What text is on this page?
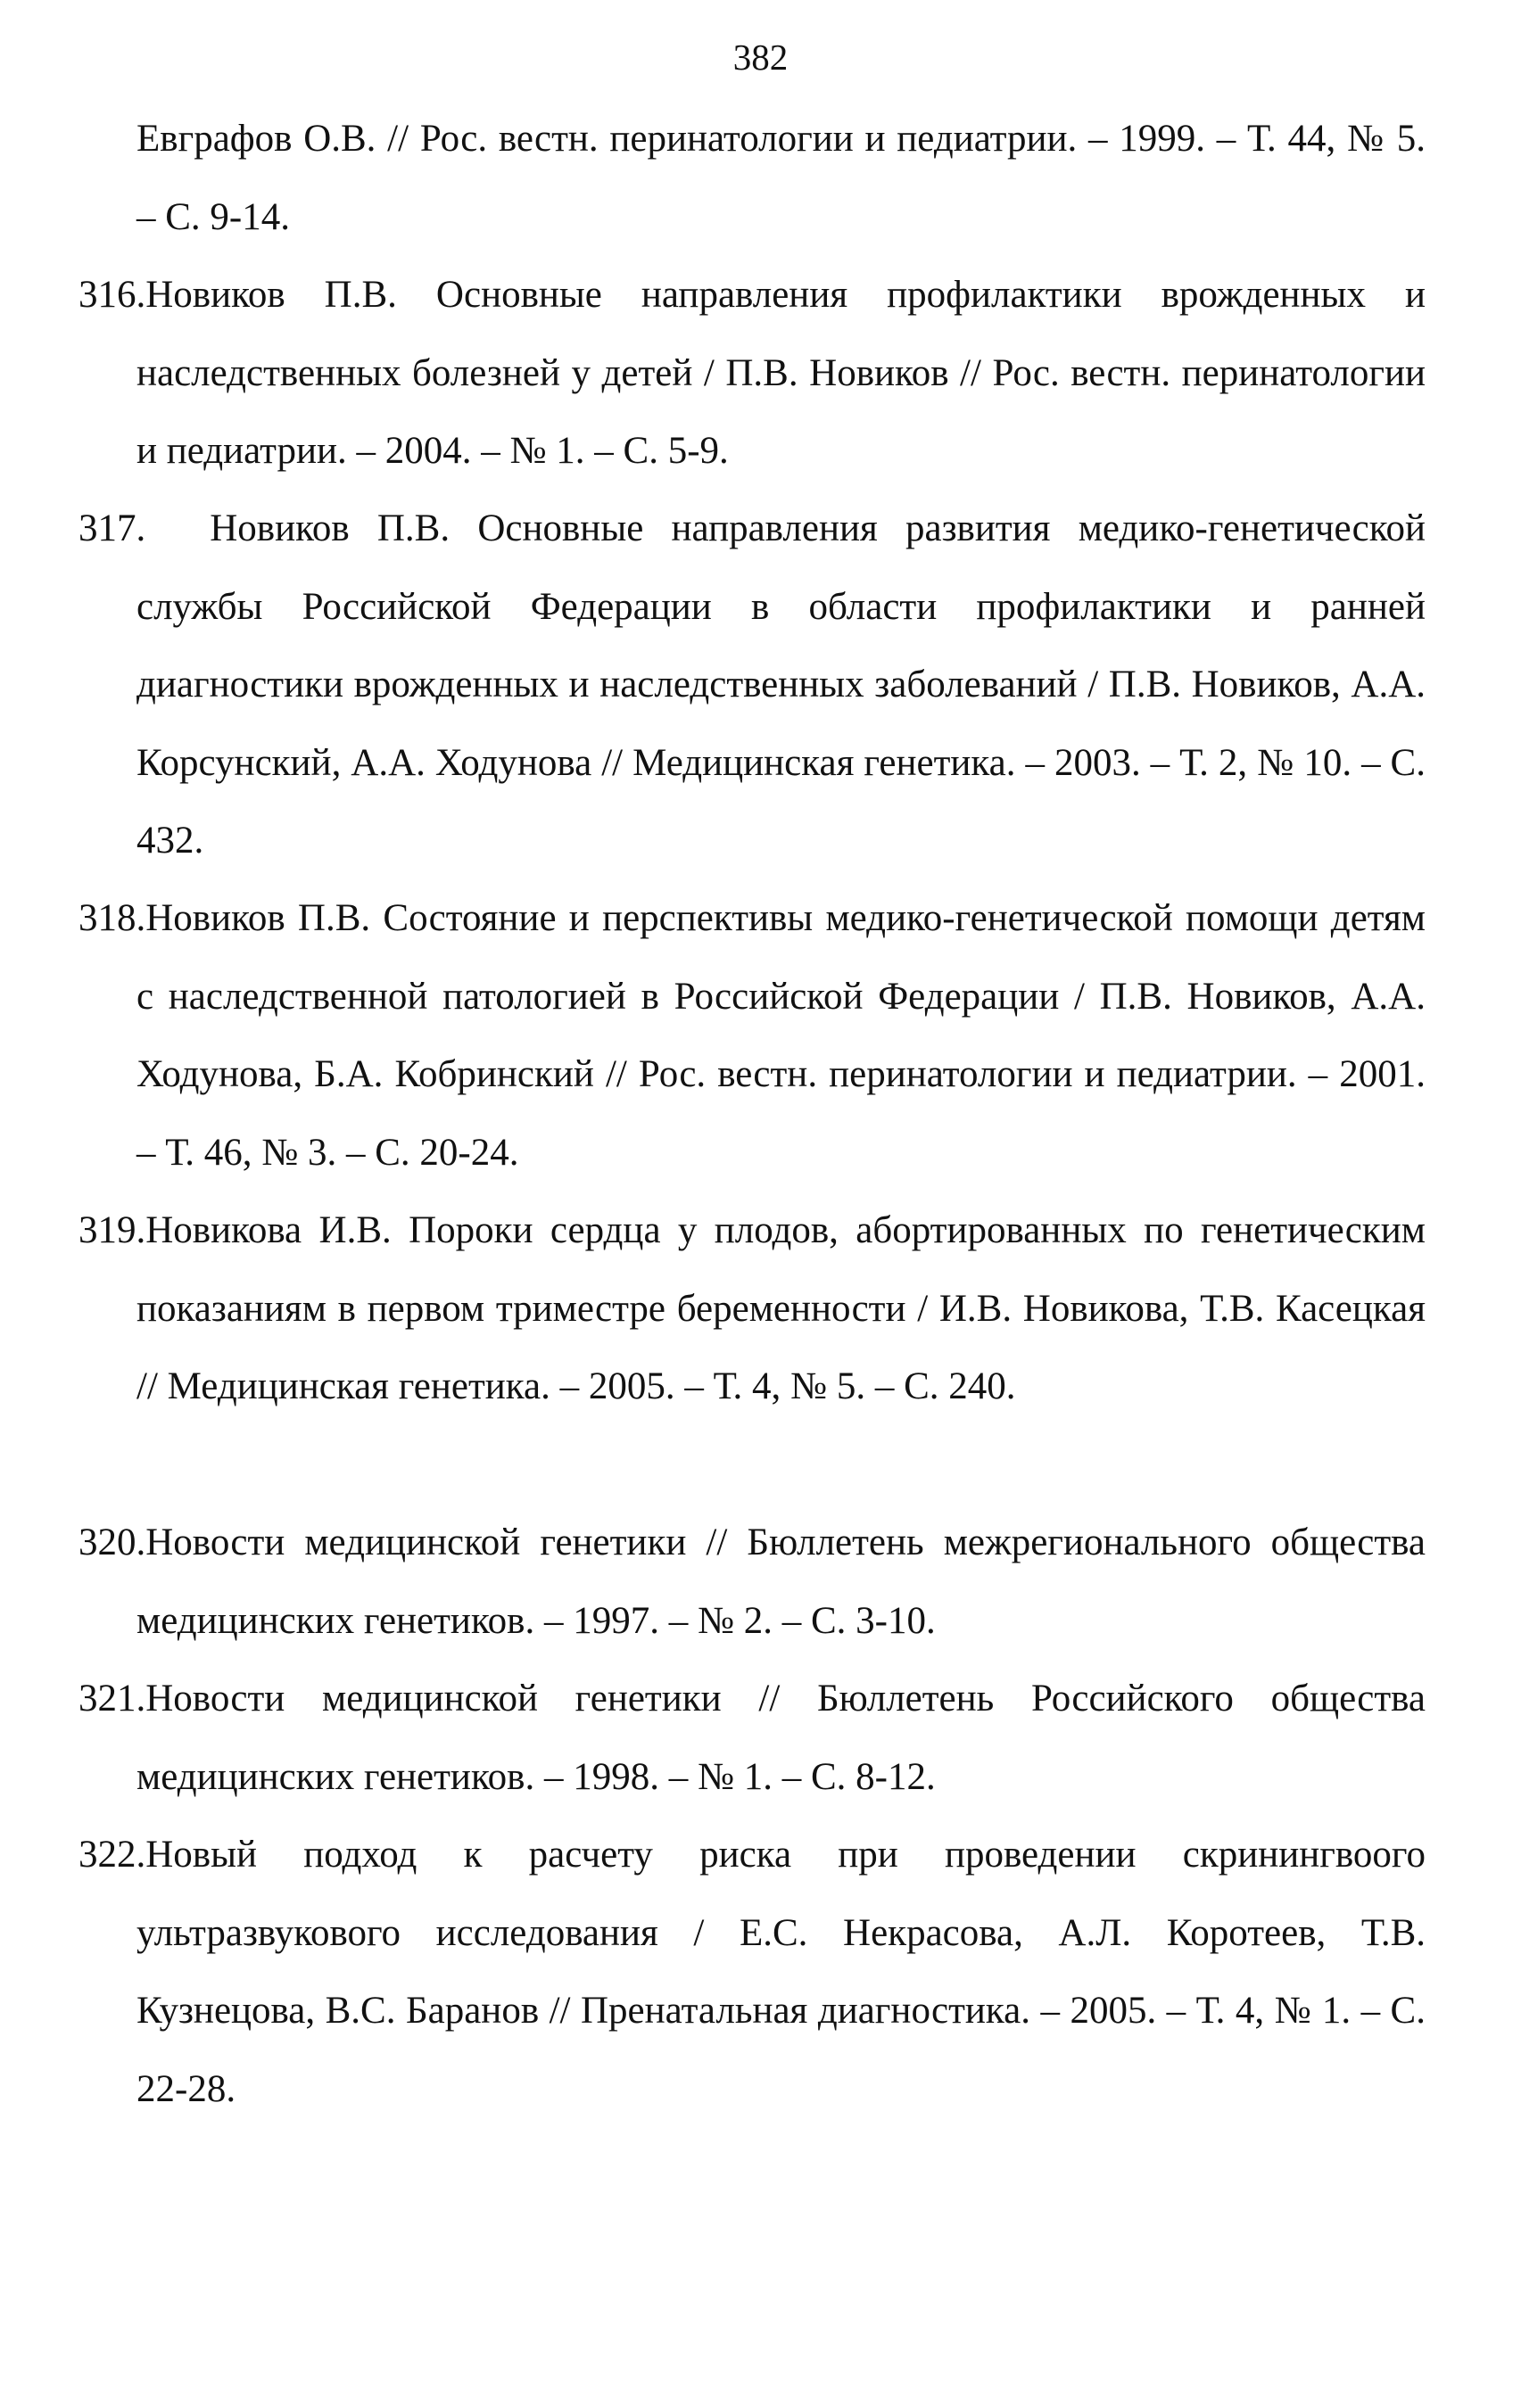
382
Евграфов О.В. // Рос. вестн. перинатологии и педиатрии. – 1999. – Т. 44, № 5. – С. 9-14.
316.Новиков П.В. Основные направления профилактики врожденных и наследственных болезней у детей / П.В. Новиков // Рос. вестн. перинатологии и педиатрии. – 2004. – № 1. – С. 5-9.
317. Новиков П.В. Основные направления развития медико-генетической службы Российской Федерации в области профилактики и ранней диагностики врожденных и наследственных заболеваний / П.В. Новиков, А.А. Корсунский, А.А. Ходунова // Медицинская генетика. – 2003. – Т. 2, № 10. – С. 432.
318.Новиков П.В. Состояние и перспективы медико-генетической помощи детям с наследственной патологией в Российской Федерации / П.В. Новиков, А.А. Ходунова, Б.А. Кобринский // Рос. вестн. перинатологии и педиатрии. – 2001. – Т. 46, № 3. – С. 20-24.
319.Новикова И.В. Пороки сердца у плодов, абортированных по генетическим показаниям в первом триместре беременности / И.В. Новикова, Т.В. Касецкая // Медицинская генетика. – 2005. – Т. 4, № 5. – С. 240.
320.Новости медицинской генетики // Бюллетень межрегионального общества медицинских генетиков. – 1997. – № 2. – С. 3-10.
321.Новости медицинской генетики // Бюллетень Российского общества медицинских генетиков. – 1998. – № 1. – С. 8-12.
322.Новый подход к расчету риска при проведении скринингвоого ультразвукового исследования / Е.С. Некрасова, А.Л. Коротеев, Т.В. Кузнецова, В.С. Баранов // Пренатальная диагностика. – 2005. – Т. 4, № 1. – С. 22-28.
